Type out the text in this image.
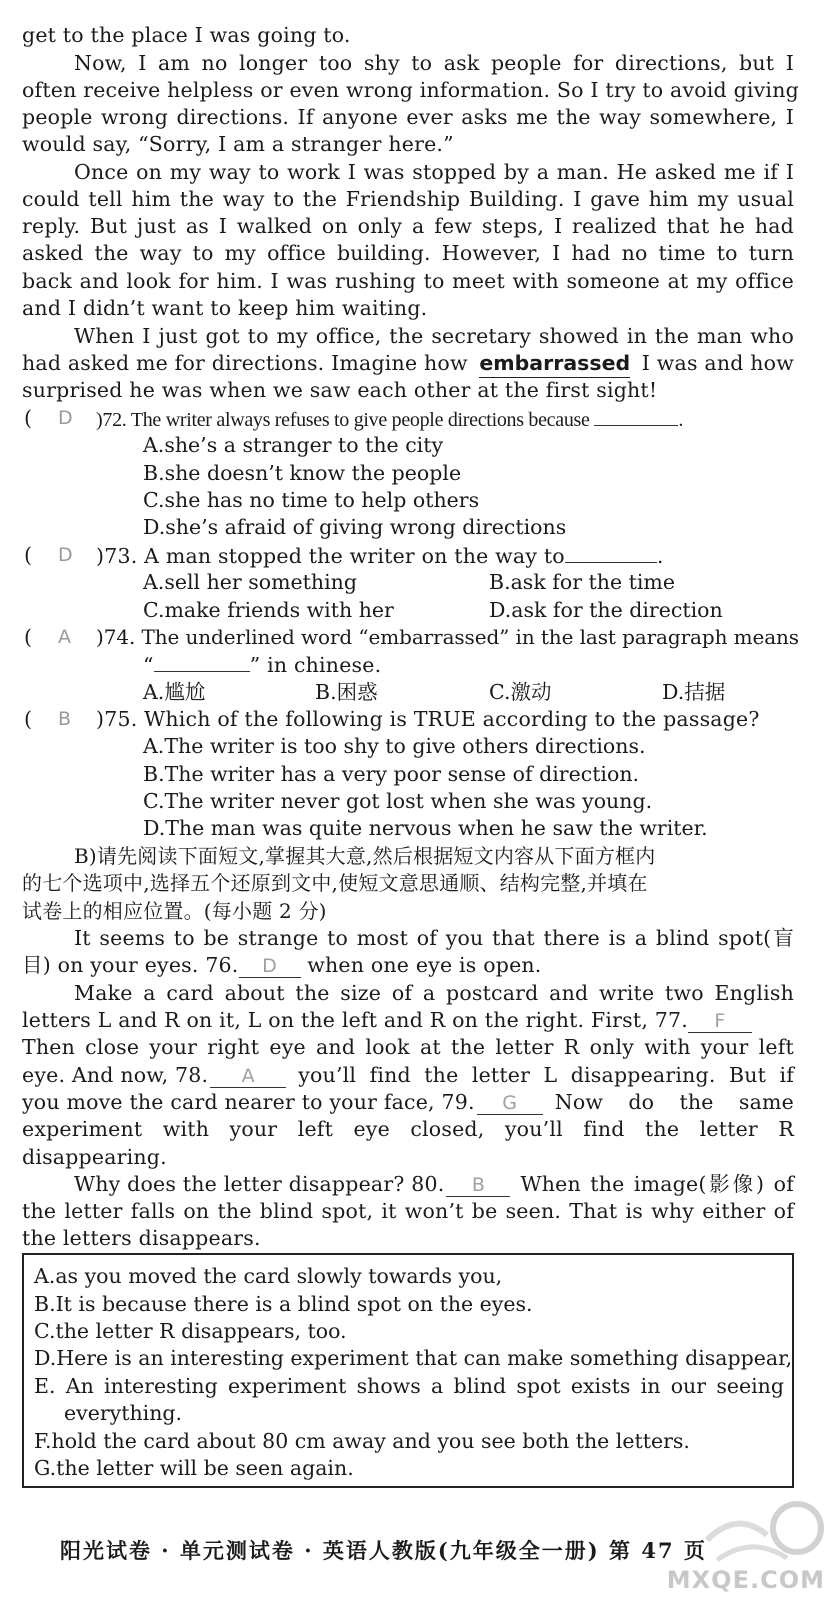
get to the place I was going to.
Now, I am no longer too shy to ask people for directions, but I
often receive helpless or even wrong information. So I try to avoid giving
people wrong directions. If anyone ever asks me the way somewhere, I
would say, “Sorry, I am a stranger here.”
Once on my way to work I was stopped by a man. He asked me if I
could tell him the way to the Friendship Building. I gave him my usual
reply. But just as I walked on only a few steps, I realized that he had
asked the way to my office building. However, I had no time to turn
back and look for him. I was rushing to meet with someone at my office
and I didn’t want to keep him waiting.
When I just got to my office, the secretary showed in the man who
had asked me for directions. Imagine how embarrassed I was and how
surprised he was when we saw each other at the first sight!
( D )72. The writer always refuses to give people directions because	.
A.she’s a stranger to the city
B.she doesn’t know the people
C.she has no time to help others
D.she’s afraid of giving wrong directions
( D )73. A man stopped the writer on the way to	.
A.sell her something	B.ask for the time
C.make friends with her	D.ask for the direction
( A )74. The underlined word “embarrassed” in the last paragraph means
“	” in chinese.
A.尴尬	B.困惑	C.激动	D.拮据
( B )75. Which of the following is TRUE according to the passage?
A.The writer is too shy to give others directions.
B.The writer has a very poor sense of direction.
C.The writer never got lost when she was young.
D.The man was quite nervous when he saw the writer.
B)请先阅读下面短文,掌握其大意,然后根据短文内容从下面方框内
的七个选项中,选择五个还原到文中,使短文意思通顺、结构完整,并填在
试卷上的相应位置。(每小题 2 分)
It seems to be strange to most of you that there is a blind spot(盲
目) on your eyes. 76. D when one eye is open.
Make a card about the size of a postcard and write two English
letters L and R on it, L on the left and R on the right. First, 77. F
Then close your right eye and look at the letter R only with your left
eye. And now, 78.	A	you’ll find the letter L disappearing. But if
you move the card nearer to your face, 79.	G	Now do the same
experiment with your left eye closed, you’ll find the letter R
disappearing.
Why does the letter disappear? 80.	B	When the image(影像) of
the letter falls on the blind spot, it won’t be seen. That is why either of
the letters disappears.
A.as you moved the card slowly towards you,
B.It is because there is a blind spot on the eyes.
C.the letter R disappears, too.
D.Here is an interesting experiment that can make something disappear,
E. An interesting experiment shows a blind spot exists in our seeing
everything.
F.hold the card about 80 cm away and you see both the letters.
G.the letter will be seen again.
阳光试卷 · 单元测试卷 · 英语人教版(九年级全一册) 第 47 页
MXQE.COM
